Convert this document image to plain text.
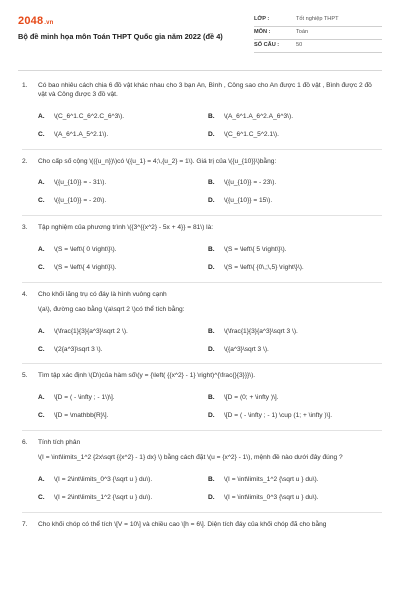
2048.vn
Bộ đề minh họa môn Toán THPT Quốc gia năm 2022 (đề 4)
LỚP :	Tốt nghiệp THPT
MÔN :	Toán
SỐ CÂU :	50
1.	Có bao nhiêu cách chia 6 đồ vật khác nhau cho 3 bạn An, Bình , Công sao cho An được 1 đồ vật , Bình được 2 đồ vật và Công được 3 đồ vật.

A.	\(C_6^1.C_6^2.C_6^3\).	B.	\(A_6^1.A_6^2.A_6^3\).
C.	\(A_6^1.A_5^2.1\).	D.	\(C_6^1.C_5^2.1\).
2.	Cho cấp số cộng \(({u_n})\)có \({u_1} = 4;\,{u_2} = 1\). Giá trị của \({u_{10}}\)bằng:

A.	\({u_{10}} = - 31\).	B.	\({u_{10}} = - 23\).
C.	\({u_{10}} = - 20\).	D.	\({u_{10}} = 15\).
3.	Tập nghiệm của phương trình \({3^{{x^2} - 5x + 4}} = 81\) là:

A.	\(S = \left\{ 0 \right\}\).	B.	\(S = \left\{ 5 \right\}\).
C.	\(S = \left\{ 4 \right\}\).	D.	\(S = \left\{ {0\,;\,5} \right\}\).
4.	Cho khối lăng trụ có đáy là hình vuông cạnh

\(a\), đường cao bằng \(a\sqrt 2 \)có thể tích bằng:

A.	\(\frac{1}{3}{a^3}\sqrt 2 \).	B.	\(\frac{1}{3}{a^3}\sqrt 3 \).
C.	\(2{a^3}\sqrt 3 \).	D.	\({a^3}\sqrt 3 \).
5.	Tìm tập xác định \(D\)của hàm số\(y = {\left( {{x^2} - 1} \right)^{\frac{}{3}}}\).

A.	\[D = ( - \infty ; - 1\)\].	B.	\[D = (0; + \infty )\].
C.	\[D = \mathbb{R}\].	D.	\[D = ( - \infty ; - 1) \cup (1; + \infty )\].
6.	Tính tích phân

\(I = \int\limits_1^2 {2x\sqrt {{x^2} - 1} dx} \) bằng cách đặt \(u = {x^2} - 1\), mệnh đề nào dưới đây đúng ?

A.	\(I = 2\int\limits_0^3 {\sqrt u } du\).	B.	\(I = \int\limits_1^2 {\sqrt u } du\).
C.	\(I = 2\int\limits_1^2 {\sqrt u } du\).	D.	\(I = \int\limits_0^3 {\sqrt u } du\).
7.	Cho khối chóp có thể tích \[V = 10\] và chiều cao \[h = 6\]. Diện tích đáy của khối chóp đã cho bằng
